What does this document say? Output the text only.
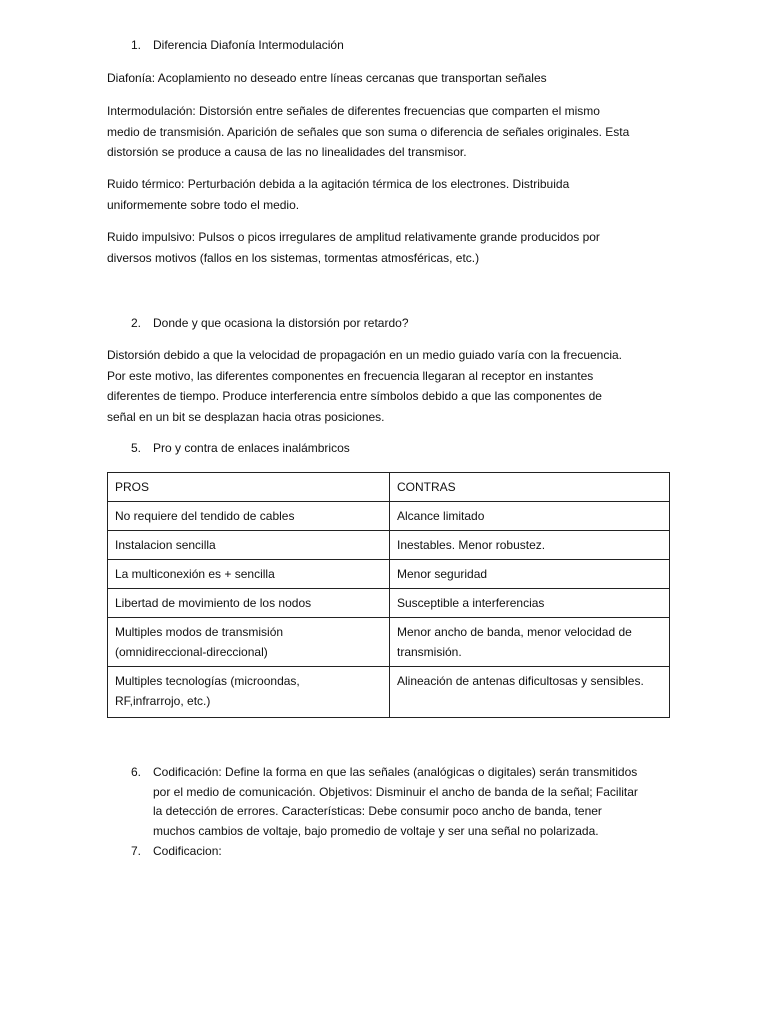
1. Diferencia Diafonía Intermodulación
Diafonía: Acoplamiento no deseado entre líneas cercanas que transportan señales

Intermodulación: Distorsión entre señales de diferentes frecuencias que comparten el mismo

medio de transmisión. Aparición de señales que son suma o diferencia de señales originales. Esta

distorsión se produce a causa de las no linealidades del transmisor.

Ruido térmico: Perturbación debida a la agitación térmica de los electrones. Distribuida

uniformemente sobre todo el medio.

Ruido impulsivo: Pulsos o picos irregulares de amplitud relativamente grande producidos por

diversos motivos (fallos en los sistemas, tormentas atmosféricas, etc.)

2. Donde y que ocasiona la distorsión por retardo?

Distorsión debido a que la velocidad de propagación en un medio guiado varía con la frecuencia.

Por este motivo, las diferentes componentes en frecuencia llegaran al receptor en instantes

diferentes de tiempo. Produce interferencia entre símbolos debido a que las componentes de

señal en un bit se desplazan hacia otras posiciones.

5. Pro y contra de enlaces inalámbricos
PROS	CONTRAS
No requiere del tendido de cables	Alcance limitado
Instalacion sencilla	Inestables. Menor robustez.
La multiconexión es + sencilla	Menor seguridad
Libertad de movimiento de los nodos	Susceptible a interferencias
Multiples modos de transmisión
(omnidireccional-direccional)	Menor ancho de banda, menor velocidad de
transmisión.
Multiples tecnologías (microondas,
RF,infrarrojo, etc.)	Alineación de antenas dificultosas y sensibles.
6. Codificación: Define la forma en que las señales (analógicas o digitales) serán transmitidos

por el medio de comunicación. Objetivos: Disminuir el ancho de banda de la señal; Facilitar

la detección de errores. Características: Debe consumir poco ancho de banda, tener

muchos cambios de voltaje, bajo promedio de voltaje y ser una señal no polarizada.

7. Codificacion:
